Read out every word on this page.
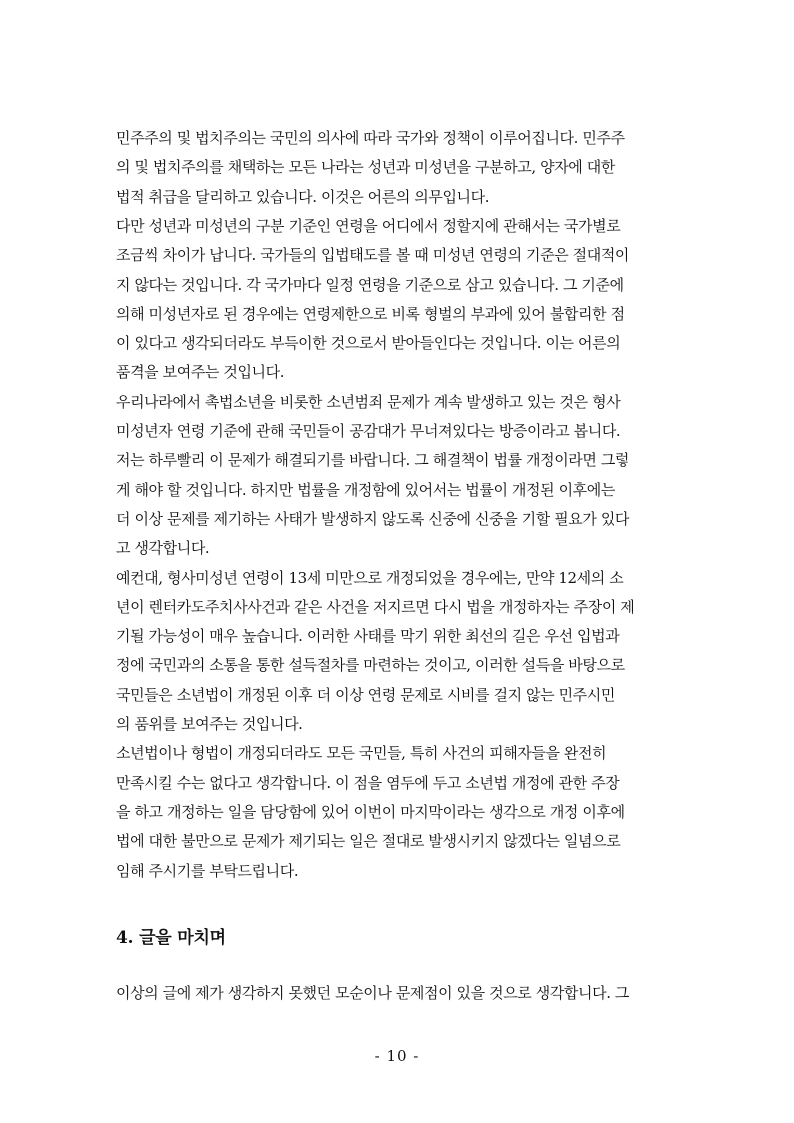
민주주의 및 법치주의는 국민의 의사에 따라 국가와 정책이 이루어집니다. 민주주
의 및 법치주의를 채택하는 모든 나라는 성년과 미성년을 구분하고, 양자에 대한
법적 취급을 달리하고 있습니다. 이것은 어른의 의무입니다.
다만 성년과 미성년의 구분 기준인 연령을 어디에서 정할지에 관해서는 국가별로
조금씩 차이가 납니다. 국가들의 입법태도를 볼 때 미성년 연령의 기준은 절대적이
지 않다는 것입니다. 각 국가마다 일정 연령을 기준으로 삼고 있습니다. 그 기준에
의해 미성년자로 된 경우에는 연령제한으로 비록 형벌의 부과에 있어 불합리한 점
이 있다고 생각되더라도 부득이한 것으로서 받아들인다는 것입니다. 이는 어른의
품격을 보여주는 것입니다.
우리나라에서 촉법소년을 비롯한 소년범죄 문제가 계속 발생하고 있는 것은 형사
미성년자 연령 기준에 관해 국민들이 공감대가 무너져있다는 방증이라고 봅니다.
저는 하루빨리 이 문제가 해결되기를 바랍니다. 그 해결책이 법률 개정이라면 그렇
게 해야 할 것입니다. 하지만 법률을 개정함에 있어서는 법률이 개정된 이후에는
더 이상 문제를 제기하는 사태가 발생하지 않도록 신중에 신중을 기할 필요가 있다
고 생각합니다.
예컨대, 형사미성년 연령이 13세 미만으로 개정되었을 경우에는, 만약 12세의 소
년이 렌터카도주치사사건과 같은 사건을 저지르면 다시 법을 개정하자는 주장이 제
기될 가능성이 매우 높습니다. 이러한 사태를 막기 위한 최선의 길은 우선 입법과
정에 국민과의 소통을 통한 설득절차를 마련하는 것이고, 이러한 설득을 바탕으로
국민들은 소년법이 개정된 이후 더 이상 연령 문제로 시비를 걸지 않는 민주시민
의 품위를 보여주는 것입니다.
소년법이나 형법이 개정되더라도 모든 국민들, 특히 사건의 피해자들을 완전히
만족시킬 수는 없다고 생각합니다. 이 점을 염두에 두고 소년법 개정에 관한 주장
을 하고 개정하는 일을 담당함에 있어 이번이 마지막이라는 생각으로 개정 이후에
법에 대한 불만으로 문제가 제기되는 일은 절대로 발생시키지 않겠다는 일념으로
임해 주시기를 부탁드립니다.
4. 글을 마치며
이상의 글에 제가 생각하지 못했던 모순이나 문제점이 있을 것으로 생각합니다. 그
- 10 -
